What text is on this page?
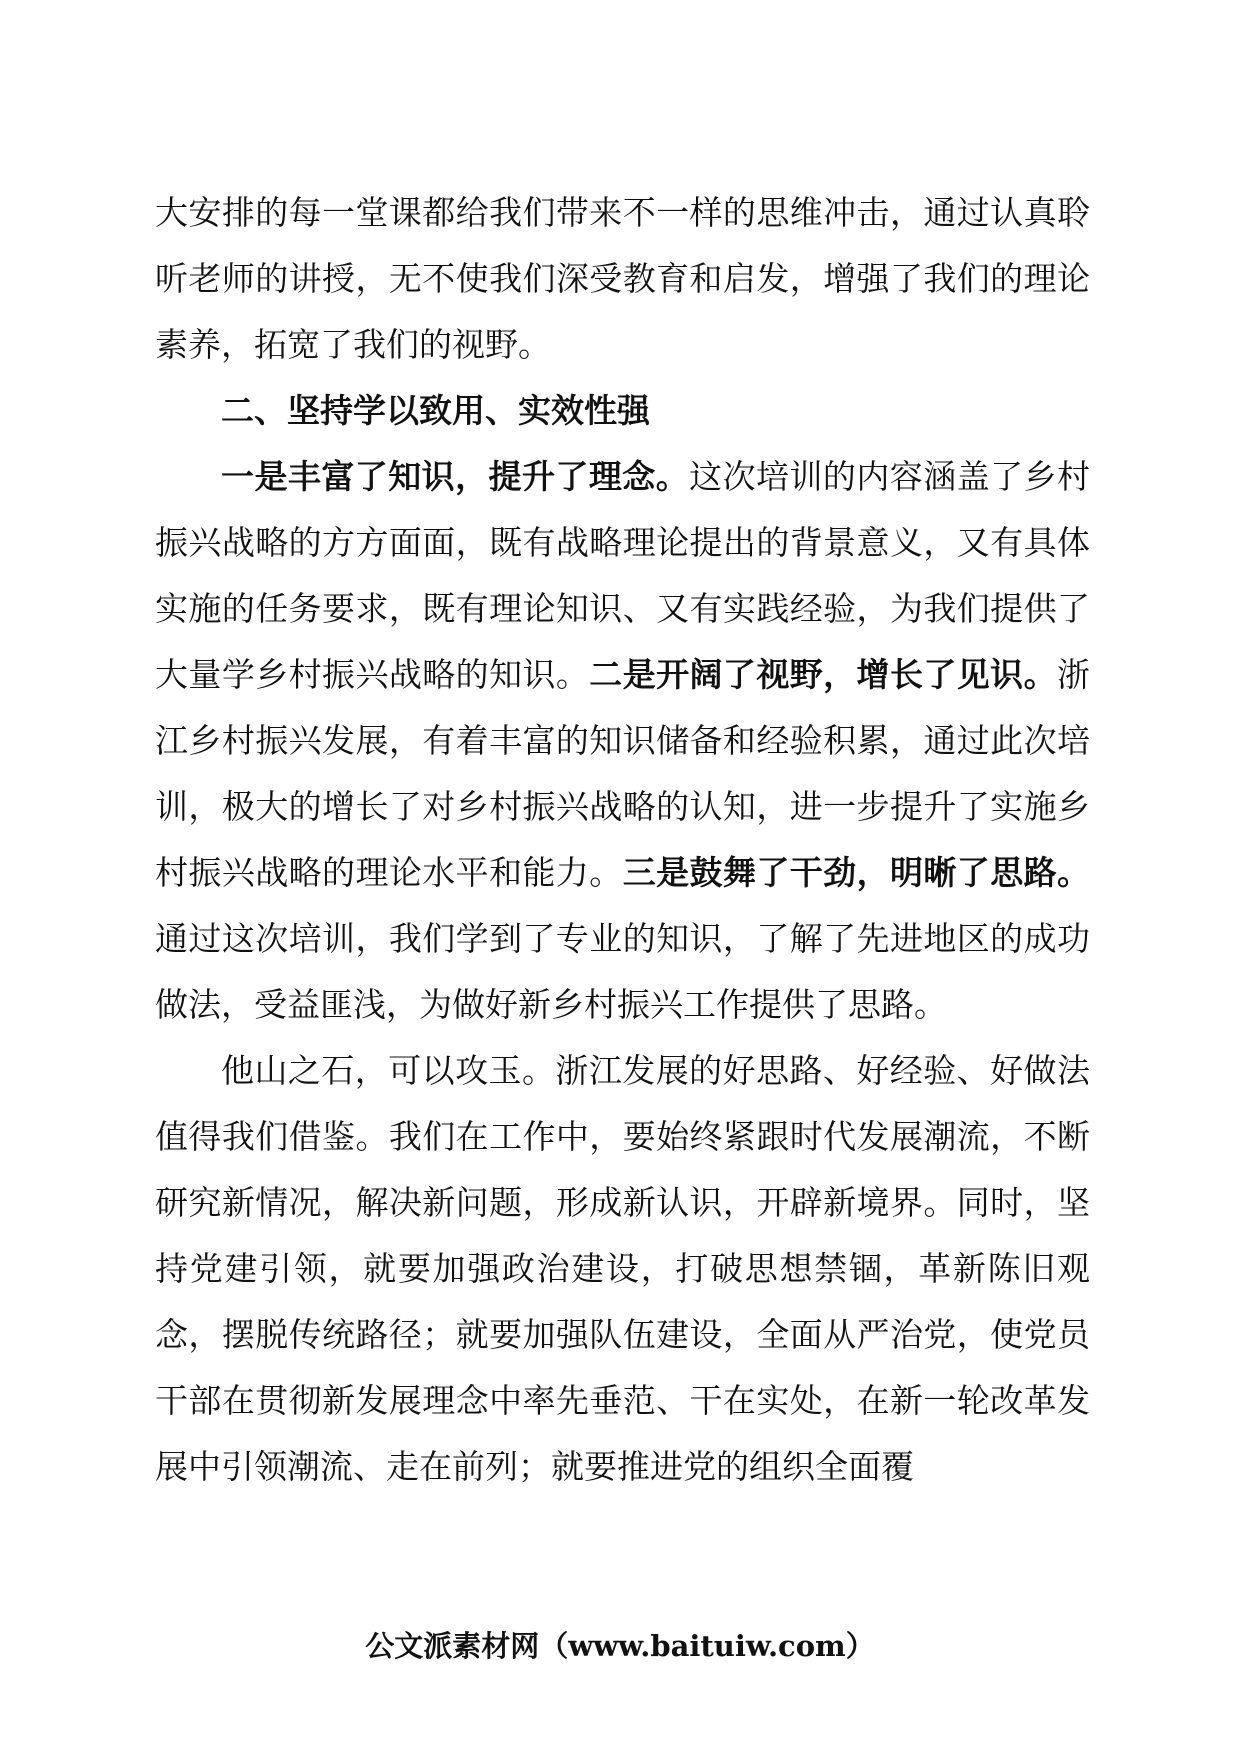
大安排的每一堂课都给我们带来不一样的思维冲击，通过认真聆听老师的讲授，无不使我们深受教育和启发，增强了我们的理论素养，拓宽了我们的视野。

二、坚持学以致用、实效性强

一是丰富了知识，提升了理念。这次培训的内容涵盖了乡村振兴战略的方方面面，既有战略理论提出的背景意义，又有具体实施的任务要求，既有理论知识、又有实践经验，为我们提供了大量学乡村振兴战略的知识。二是开阔了视野，增长了见识。浙江乡村振兴发展，有着丰富的知识储备和经验积累，通过此次培训，极大的增长了对乡村振兴战略的认知，进一步提升了实施乡村振兴战略的理论水平和能力。三是鼓舞了干劲，明晰了思路。通过这次培训，我们学到了专业的知识，了解了先进地区的成功做法，受益匪浅，为做好新乡村振兴工作提供了思路。

他山之石，可以攻玉。浙江发展的好思路、好经验、好做法值得我们借鉴。我们在工作中，要始终紧跟时代发展潮流，不断研究新情况，解决新问题，形成新认识，开辟新境界。同时，坚持党建引领，就要加强政治建设，打破思想禁锢，革新陈旧观念，摆脱传统路径；就要加强队伍建设，全面从严治党，使党员干部在贯彻新发展理念中率先垂范、干在实处，在新一轮改革发展中引领潮流、走在前列；就要推进党的组织全面覆

公文派素材网（www.baituiw.com）
